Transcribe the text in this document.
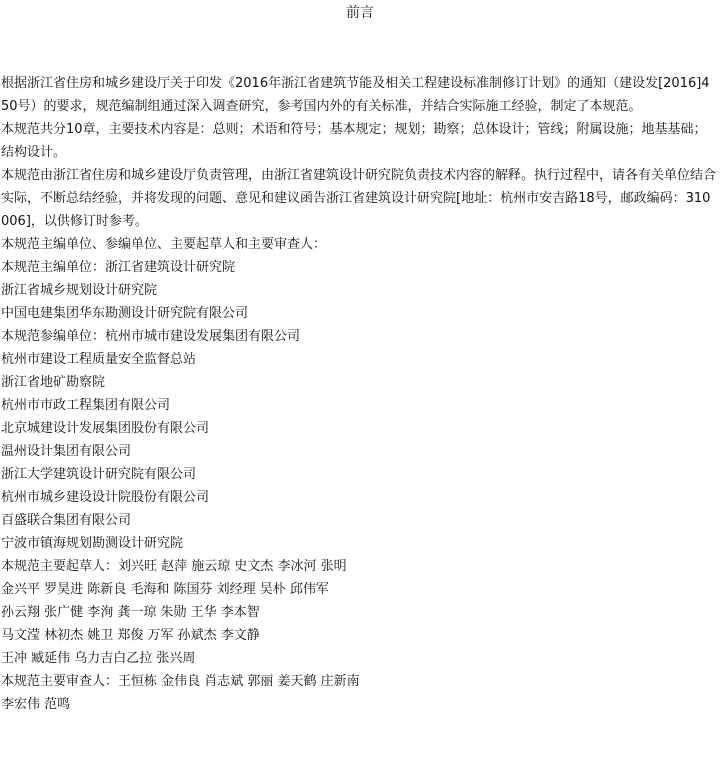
前言

根据浙江省住房和城乡建设厅关于印发《2016年浙江省建筑节能及相关工程建设标准制修订计划》的通知（建设发[2016]450号）的要求，规范编制组通过深入调查研究，参考国内外的有关标准，并结合实际施工经验，制定了本规范。

本规范共分10章，主要技术内容是：总则；术语和符号；基本规定；规划；勘察；总体设计；管线；附属设施；地基基础；结构设计。

本规范由浙江省住房和城乡建设厅负责管理，由浙江省建筑设计研究院负责技术内容的解释。执行过程中，请各有关单位结合实际，不断总结经验，并将发现的问题、意见和建议函告浙江省建筑设计研究院[地址：杭州市安吉路18号，邮政编码：310006]，以供修订时参考。

本规范主编单位、参编单位、主要起草人和主要审查人：

本规范主编单位：浙江省建筑设计研究院

浙江省城乡规划设计研究院

中国电建集团华东勘测设计研究院有限公司

本规范参编单位：杭州市城市建设发展集团有限公司

杭州市建设工程质量安全监督总站

浙江省地矿勘察院

杭州市市政工程集团有限公司

北京城建设计发展集团股份有限公司

温州设计集团有限公司

浙江大学建筑设计研究院有限公司

杭州市城乡建设设计院股份有限公司

百盛联合集团有限公司

宁波市镇海规划勘测设计研究院

本规范主要起草人：刘兴旺 赵萍 施云琼 史文杰 李冰河 张明

金兴平 罗昊进 陈新良 毛海和 陈国芬 刘经理 吴朴 邱伟军

孙云翔 张广健 李洵 龚一琼 朱勋 王华 李本智

马文滢 林初杰 姚卫 郑俊 万军 孙斌杰 李文静

王冲 臧延伟 乌力吉白乙拉 张兴周

本规范主要审查人：王恒栋 金伟良 肖志斌 郭丽 姜天鹤 庄新南

李宏伟 范鸣
